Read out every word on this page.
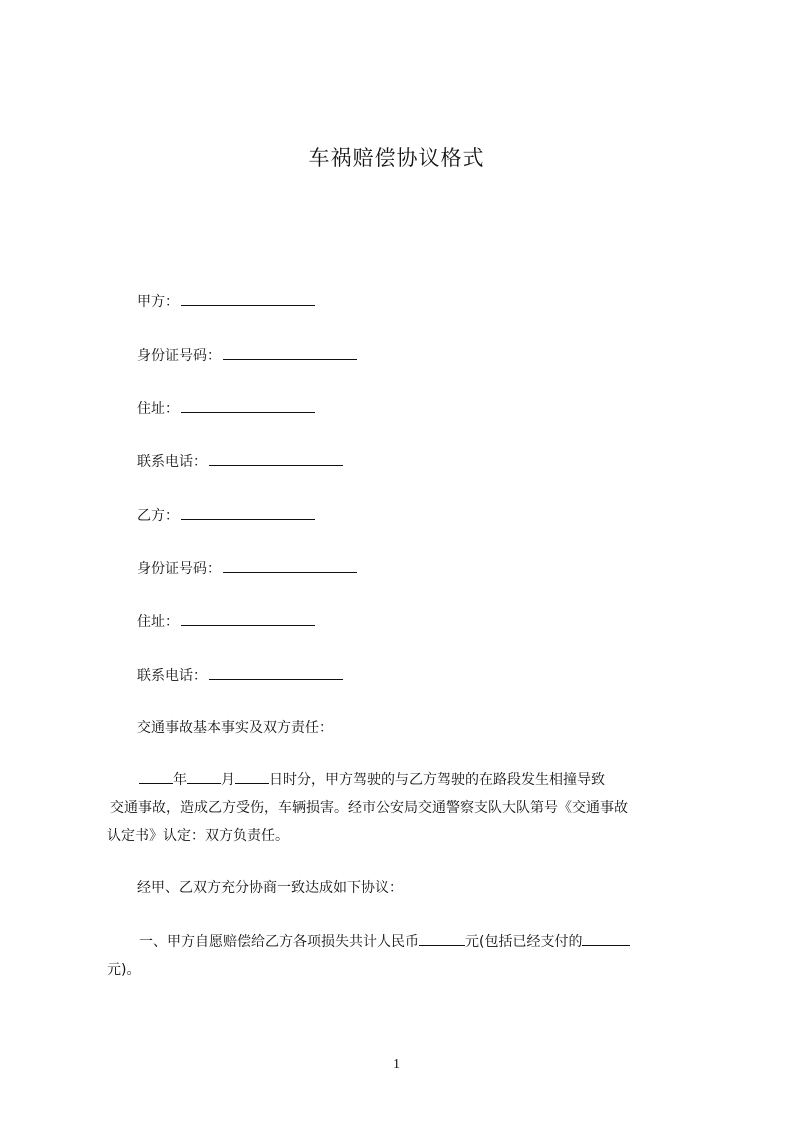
车祸赔偿协议格式
甲方：
身份证号码：
住址：
联系电话：
乙方：
身份证号码：
住址：
联系电话：
交通事故基本事实及双方责任：
年 月 日时分，甲方驾驶的与乙方驾驶的在路段发生相撞导致
交通事故，造成乙方受伤，车辆损害。经市公安局交通警察支队大队第号《交通事故
认定书》认定：双方负责任。
经甲、乙双方充分协商一致达成如下协议：
一、甲方自愿赔偿给乙方各项损失共计人民币	元(包括已经支付的
元)。
1
